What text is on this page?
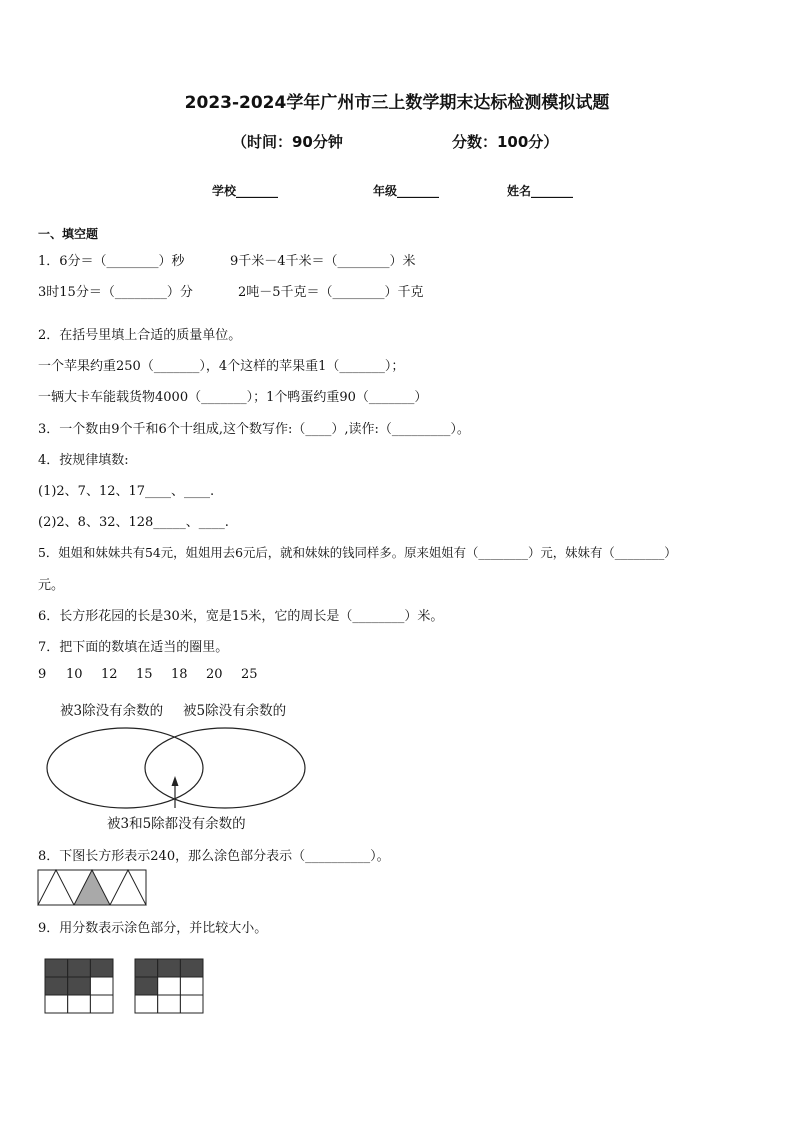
2023-2024学年广州市三上数学期末达标检测模拟试题
（时间：90分钟	分数：100分）
学校_______	年级_______	姓名_______
一、填空题
1．6分＝（________）秒	9千米－4千米＝（________）米
3时15分＝（________）分	2吨－5千克＝（________）千克
2．在括号里填上合适的质量单位。
一个苹果约重250（_______），4个这样的苹果重1（_______）；
一辆大卡车能载货物4000（_______）；1个鸭蛋约重90（_______）
3．一个数由9个千和6个十组成,这个数写作:（____）,读作:（_________）。
4．按规律填数:
(1)2、7、12、17____、____.
(2)2、8、32、128_____、____.
5．姐姐和妹妹共有54元，姐姐用去6元后，就和妹妹的钱同样多。原来姐姐有（________）元，妹妹有（________）
元。
6．长方形花园的长是30米，宽是15米，它的周长是（________）米。
7．把下面的数填在适当的圈里。
9 10 12 15 18 20 25
被3除没有余数的 被5除没有余数的
被3和5除都没有余数的
8．下图长方形表示240，那么涂色部分表示（__________）。
9．用分数表示涂色部分，并比较大小。
